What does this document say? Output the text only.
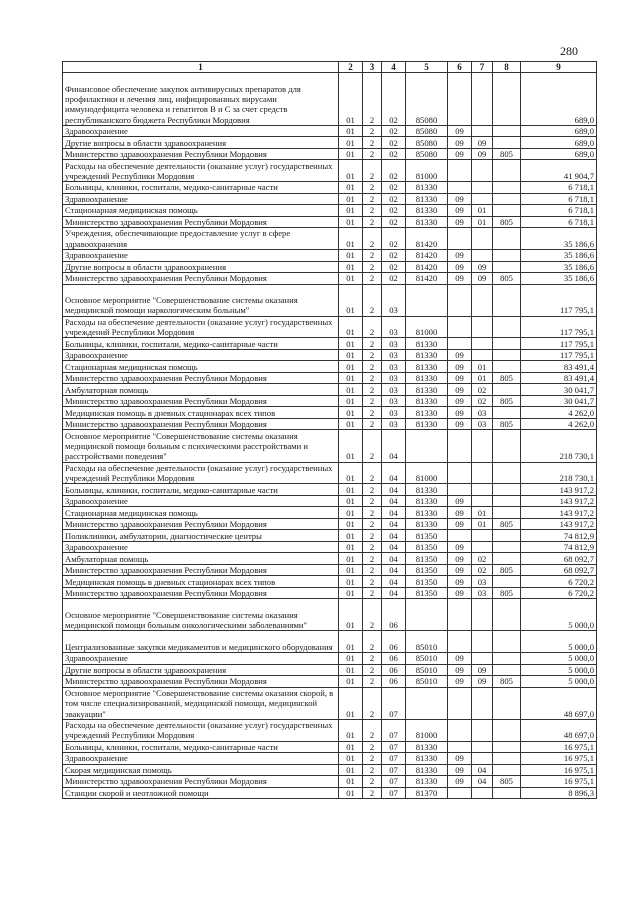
280
1	2	3	4	5	6	7	8	9
Финансовое обеспечение закупок антивирусных препаратов для профилактики и лечения лиц, инфицированных вирусами иммунодефицита человека и гепатитов В и С за счет средств республиканского бюджета Республики Мордовия	01	2	02	85080				689,0
Здравоохранение	01	2	02	85080	09			689,0
Другие вопросы в области здравоохранения	01	2	02	85080	09	09		689,0
Министерство здравоохранения Республики Мордовия	01	2	02	85080	09	09	805	689,0
Расходы на обеспечение деятельности (оказание услуг) государственных учреждений Республики Мордовия	01	2	02	81000				41 904,7
Больницы, клиники, госпитали, медико-санитарные части	01	2	02	81330				6 718,1
Здравоохранение	01	2	02	81330	09			6 718,1
Стационарная медицинская помощь	01	2	02	81330	09	01		6 718,1
Министерство здравоохранения Республики Мордовия	01	2	02	81330	09	01	805	6 718,1
Учреждения, обеспечивающие предоставление услуг в сфере здравоохранения	01	2	02	81420				35 186,6
Здравоохранение	01	2	02	81420	09			35 186,6
Другие вопросы в области здравоохранения	01	2	02	81420	09	09		35 186,6
Министерство здравоохранения Республики Мордовия	01	2	02	81420	09	09	805	35 186,6
Основное мероприятие "Совершенствование системы оказания медицинской помощи наркологическим больным"	01	2	03					117 795,1
Расходы на обеспечение деятельности (оказание услуг) государственных учреждений Республики Мордовия	01	2	03	81000				117 795,1
Больницы, клиники, госпитали, медико-санитарные части	01	2	03	81330				117 795,1
Здравоохранение	01	2	03	81330	09			117 795,1
Стационарная медицинская помощь	01	2	03	81330	09	01		83 491,4
Министерство здравоохранения Республики Мордовия	01	2	03	81330	09	01	805	83 491,4
Амбулаторная помощь	01	2	03	81330	09	02		30 041,7
Министерство здравоохранения Республики Мордовия	01	2	03	81330	09	02	805	30 041,7
Медицинская помощь в дневных стационарах всех типов	01	2	03	81330	09	03		4 262,0
Министерство здравоохранения Республики Мордовия	01	2	03	81330	09	03	805	4 262,0
Основное мероприятие "Совершенствование системы оказания медицинской помощи больным с психическими расстройствами и расстройствами поведения"	01	2	04					218 730,1
Расходы на обеспечение деятельности (оказание услуг) государственных учреждений Республики Мордовия	01	2	04	81000				218 730,1
Больницы, клиники, госпитали, медико-санитарные части	01	2	04	81330				143 917,2
Здравоохранение	01	2	04	81330	09			143 917,2
Стационарная медицинская помощь	01	2	04	81330	09	01		143 917,2
Министерство здравоохранения Республики Мордовия	01	2	04	81330	09	01	805	143 917,2
Поликлиники, амбулатории, диагностические центры	01	2	04	81350				74 812,9
Здравоохранение	01	2	04	81350	09			74 812,9
Амбулаторная помощь	01	2	04	81350	09	02		68 092,7
Министерство здравоохранения Республики Мордовия	01	2	04	81350	09	02	805	68 092,7
Медицинская помощь в дневных стационарах всех типов	01	2	04	81350	09	03		6 720,2
Министерство здравоохранения Республики Мордовия	01	2	04	81350	09	03	805	6 720,2
Основное мероприятие "Совершенствование системы оказания медицинской помощи больным онкологическими заболеваниями"	01	2	06					5 000,0
Централизованные закупки медикаментов и медицинского оборудования	01	2	06	85010				5 000,0
Здравоохранение	01	2	06	85010	09			5 000,0
Другие вопросы в области здравоохранения	01	2	06	85010	09	09		5 000,0
Министерство здравоохранения Республики Мордовия	01	2	06	85010	09	09	805	5 000,0
Основное мероприятие "Совершенствование системы оказания скорой, в том числе специализированной, медицинской помощи, медицинской эвакуации"	01	2	07					48 697,0
Расходы на обеспечение деятельности (оказание услуг) государственных учреждений Республики Мордовия	01	2	07	81000				48 697,0
Больницы, клиники, госпитали, медико-санитарные части	01	2	07	81330				16 975,1
Здравоохранение	01	2	07	81330	09			16 975,1
Скорая медицинская помощь	01	2	07	81330	09	04		16 975,1
Министерство здравоохранения Республики Мордовия	01	2	07	81330	09	04	805	16 975,1
Станции скорой и неотложной помощи	01	2	07	81370				8 896,3
